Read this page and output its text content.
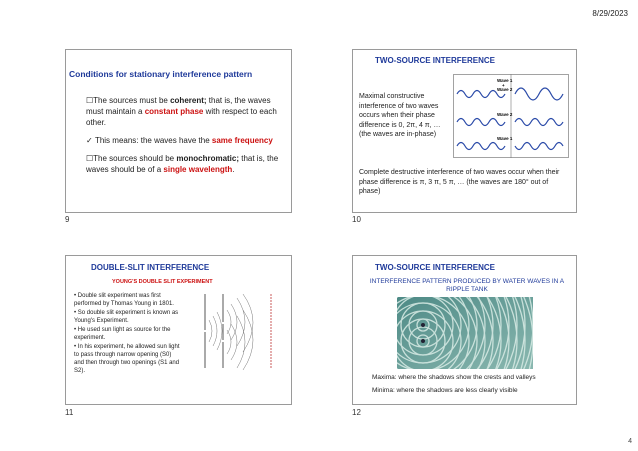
8/29/2023
Conditions for stationary interference pattern
☐The sources must be coherent; that is, the waves must maintain a constant phase with respect to each other.
✓ This means: the waves have the same frequency
☐The sources should be monochromatic; that is, the waves should be of a single wavelength.
9
TWO-SOURCE INTERFERENCE
Maximal constructive interference of two waves occurs when their phase difference is 0, 2π, 4 π, … (the waves are in-phase)
Wave 1
+
Wave 2
Wave 2
Wave 1
Complete destructive interference of two waves occur when their phase difference is π, 3 π, 5 π, … (the waves are 180° out of phase)
10
DOUBLE-SLIT INTERFERENCE
YOUNG'S DOUBLE SLIT EXPERIMENT

• Double slit experiment was first performed by Thomas Young in 1801.

• So double slit experiment is known as Young's Experiment.

• He used sun light as source for the experiment.

• In his experiment, he allowed sun light to pass through narrow opening (S0) and then through two openings (S1 and S2).

11
TWO-SOURCE INTERFERENCE
INTERFERENCE PATTERN PRODUCED BY WATER WAVES IN A RIPPLE TANK
Maxima: where the shadows show the crests and valleys
Minima: where the shadows are less clearly visible
12
4
